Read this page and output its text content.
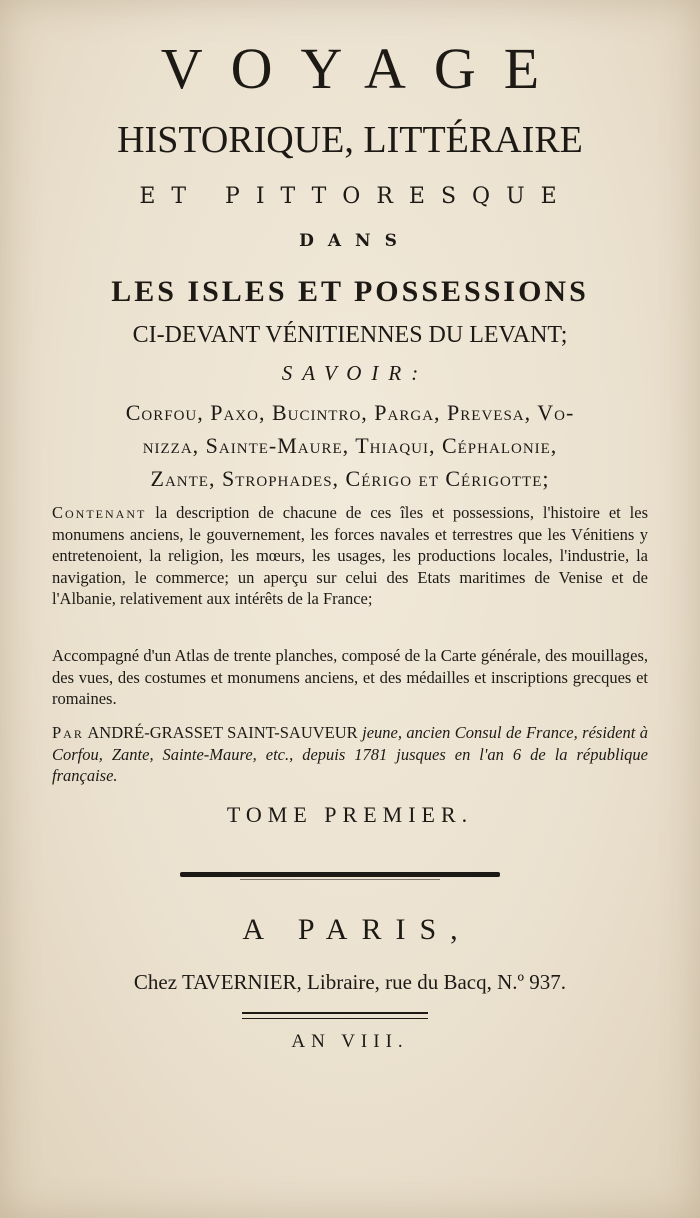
VOYAGE
HISTORIQUE, LITTÉRAIRE
ET PITTORESQUE
DANS
LES ISLES ET POSSESSIONS
CI-DEVANT VÉNITIENNES DU LEVANT;
SAVOIR:
Corfou, Paxo, Bucintro, Parga, Prevesa, Vo-
nizza, Sainte-Maure, Thiaqui, Céphalonie,
Zante, Strophades, Cérigo et Cérigotte;

Contenant la description de chacune de ces îles et possessions, l'histoire et les monumens anciens, le gouvernement, les forces navales et terrestres que les Vénitiens y entretenoient, la religion, les mœurs, les usages, les productions locales, l'industrie, la navigation, le commerce; un aperçu sur celui des Etats maritimes de Venise et de l'Albanie, relativement aux intérêts de la France;

Accompagné d'un Atlas de trente planches, composé de la Carte générale, des mouillages, des vues, des costumes et monumens anciens, et des médailles et inscriptions grecques et romaines.

Par ANDRÉ-GRASSET SAINT-SAUVEUR jeune, ancien Consul de France, résident à Corfou, Zante, Sainte-Maure, etc., depuis 1781 jusques en l'an 6 de la république française.

TOME PREMIER.
A PARIS,
Chez TAVERNIER, Libraire, rue du Bacq, N.º 937.
AN VIII.
